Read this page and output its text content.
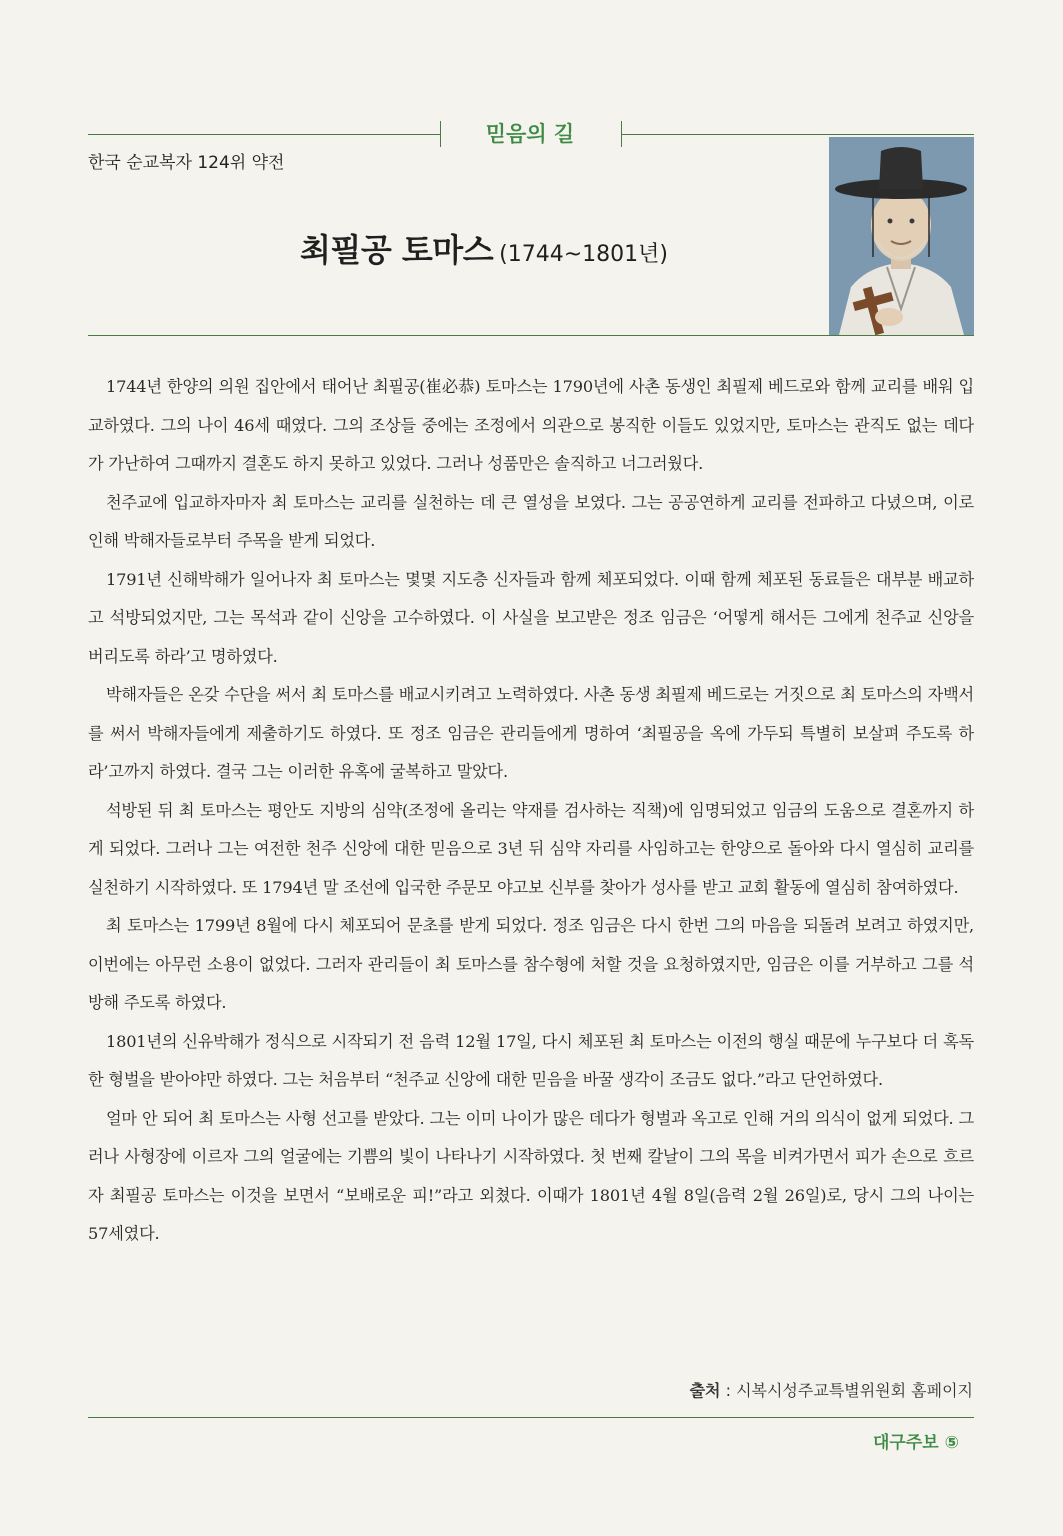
믿음의 길
한국 순교복자 124위 약전
최필공 토마스 (1744~1801년)

1744년 한양의 의원 집안에서 태어난 최필공(崔必恭) 토마스는 1790년에 사촌 동생인 최필제 베드로와 함께 교리를 배워 입교하였다. 그의 나이 46세 때였다. 그의 조상들 중에는 조정에서 의관으로 봉직한 이들도 있었지만, 토마스는 관직도 없는 데다가 가난하여 그때까지 결혼도 하지 못하고 있었다. 그러나 성품만은 솔직하고 너그러웠다.

천주교에 입교하자마자 최 토마스는 교리를 실천하는 데 큰 열성을 보였다. 그는 공공연하게 교리를 전파하고 다녔으며, 이로 인해 박해자들로부터 주목을 받게 되었다.

1791년 신해박해가 일어나자 최 토마스는 몇몇 지도층 신자들과 함께 체포되었다. 이때 함께 체포된 동료들은 대부분 배교하고 석방되었지만, 그는 목석과 같이 신앙을 고수하였다. 이 사실을 보고받은 정조 임금은 ‘어떻게 해서든 그에게 천주교 신앙을 버리도록 하라’고 명하였다.

박해자들은 온갖 수단을 써서 최 토마스를 배교시키려고 노력하였다. 사촌 동생 최필제 베드로는 거짓으로 최 토마스의 자백서를 써서 박해자들에게 제출하기도 하였다. 또 정조 임금은 관리들에게 명하여 ‘최필공을 옥에 가두되 특별히 보살펴 주도록 하라’고까지 하였다. 결국 그는 이러한 유혹에 굴복하고 말았다.

석방된 뒤 최 토마스는 평안도 지방의 심약(조정에 올리는 약재를 검사하는 직책)에 임명되었고 임금의 도움으로 결혼까지 하게 되었다. 그러나 그는 여전한 천주 신앙에 대한 믿음으로 3년 뒤 심약 자리를 사임하고는 한양으로 돌아와 다시 열심히 교리를 실천하기 시작하였다. 또 1794년 말 조선에 입국한 주문모 야고보 신부를 찾아가 성사를 받고 교회 활동에 열심히 참여하였다.

최 토마스는 1799년 8월에 다시 체포되어 문초를 받게 되었다. 정조 임금은 다시 한번 그의 마음을 되돌려 보려고 하였지만, 이번에는 아무런 소용이 없었다. 그러자 관리들이 최 토마스를 참수형에 처할 것을 요청하였지만, 임금은 이를 거부하고 그를 석방해 주도록 하였다.

1801년의 신유박해가 정식으로 시작되기 전 음력 12월 17일, 다시 체포된 최 토마스는 이전의 행실 때문에 누구보다 더 혹독한 형벌을 받아야만 하였다. 그는 처음부터 “천주교 신앙에 대한 믿음을 바꿀 생각이 조금도 없다.”라고 단언하였다.

얼마 안 되어 최 토마스는 사형 선고를 받았다. 그는 이미 나이가 많은 데다가 형벌과 옥고로 인해 거의 의식이 없게 되었다. 그러나 사형장에 이르자 그의 얼굴에는 기쁨의 빛이 나타나기 시작하였다. 첫 번째 칼날이 그의 목을 비켜가면서 피가 손으로 흐르자 최필공 토마스는 이것을 보면서 “보배로운 피!”라고 외쳤다. 이때가 1801년 4월 8일(음력 2월 26일)로, 당시 그의 나이는 57세였다.

출처 : 시복시성주교특별위원회 홈페이지
대구주보 ⑤
